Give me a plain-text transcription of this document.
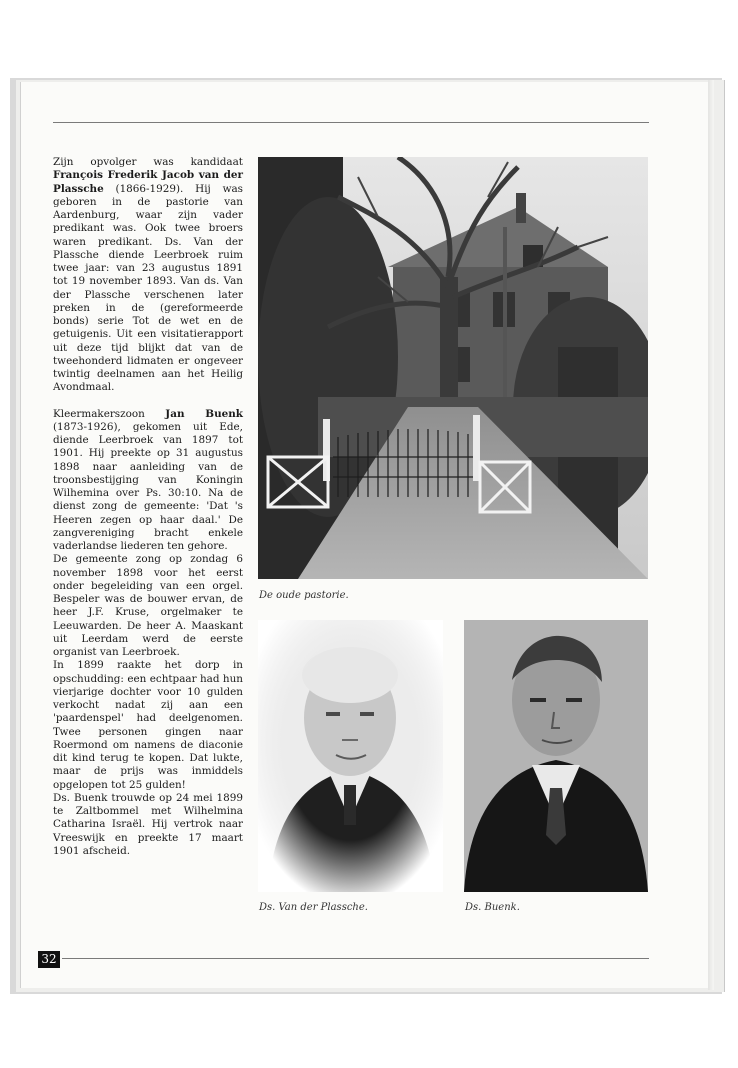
Zijn opvolger was kandidaat François Frederik Jacob van der Plassche (1866-1929). Hij was geboren in de pastorie van Aardenburg, waar zijn vader predikant was. Ook twee broers waren predikant. Ds. Van der Plassche diende Leerbroek ruim twee jaar: van 23 augustus 1891 tot 19 november 1893. Van ds. Van der Plassche verschenen later preken in de (gereformeerde bonds) serie Tot de wet en de getuigenis. Uit een visitatierapport uit deze tijd blijkt dat van de tweehonderd lidmaten er ongeveer twintig deelnamen aan het Heilig Avondmaal.

Kleermakerszoon Jan Buenk (1873-1926), gekomen uit Ede, diende Leerbroek van 1897 tot 1901. Hij preekte op 31 augustus 1898 naar aanleiding van de troonsbestijging van Koningin Wilhemina over Ps. 30:10. Na de dienst zong de gemeente: 'Dat 's Heeren zegen op haar daal.' De zangvereniging bracht enkele vaderlandse liederen ten gehore.

De gemeente zong op zondag 6 november 1898 voor het eerst onder begeleiding van een orgel. Bespeler was de bouwer ervan, de heer J.F. Kruse, orgelmaker te Leeuwarden. De heer A. Maaskant uit Leerdam werd de eerste organist van Leerbroek.

In 1899 raakte het dorp in opschudding: een echtpaar had hun vierjarige dochter voor 10 gulden verkocht nadat zij aan een 'paardenspel' had deelgenomen. Twee personen gingen naar Roermond om namens de diaconie dit kind terug te kopen. Dat lukte, maar de prijs was inmiddels opgelopen tot 25 gulden!

Ds. Buenk trouwde op 24 mei 1899 te Zaltbommel met Wilhelmina Catharina Israël. Hij vertrok naar Vreeswijk en preekte 17 maart 1901 afscheid.

De oude pastorie.
Ds. Van der Plassche.	Ds. Buenk.
32
